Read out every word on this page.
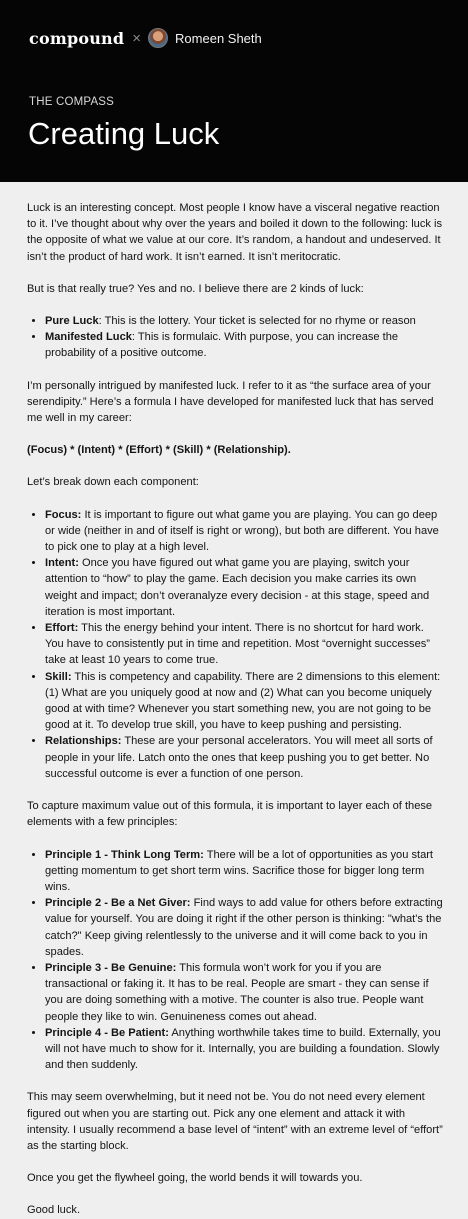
compound ×	Romeen Sheth
THE COMPASS
Creating Luck

Luck is an interesting concept. Most people I know have a visceral negative reaction to it. I’ve thought about why over the years and boiled it down to the following: luck is the opposite of what we value at our core. It’s random, a handout and undeserved. It isn’t the product of hard work. It isn’t earned. It isn’t meritocratic.

But is that really true? Yes and no. I believe there are 2 kinds of luck:

• Pure Luck: This is the lottery. Your ticket is selected for no rhyme or reason
• Manifested Luck: This is formulaic. With purpose, you can increase the probability of a positive outcome.

I’m personally intrigued by manifested luck. I refer to it as “the surface area of your serendipity.” Here’s a formula I have developed for manifested luck that has served me well in my career:

(Focus) * (Intent) * (Effort) * (Skill) * (Relationship).

Let’s break down each component:

• Focus: It is important to figure out what game you are playing. You can go deep or wide (neither in and of itself is right or wrong), but both are different. You have to pick one to play at a high level.
• Intent: Once you have figured out what game you are playing, switch your attention to “how” to play the game. Each decision you make carries its own weight and impact; don’t overanalyze every decision - at this stage, speed and iteration is most important.
• Effort: This the energy behind your intent. There is no shortcut for hard work. You have to consistently put in time and repetition. Most “overnight successes” take at least 10 years to come true.
• Skill: This is competency and capability. There are 2 dimensions to this element: (1) What are you uniquely good at now and (2) What can you become uniquely good at with time? Whenever you start something new, you are not going to be good at it. To develop true skill, you have to keep pushing and persisting.
• Relationships: These are your personal accelerators. You will meet all sorts of people in your life. Latch onto the ones that keep pushing you to get better. No successful outcome is ever a function of one person.

To capture maximum value out of this formula, it is important to layer each of these elements with a few principles:

• Principle 1 - Think Long Term: There will be a lot of opportunities as you start getting momentum to get short term wins. Sacrifice those for bigger long term wins.
• Principle 2 - Be a Net Giver: Find ways to add value for others before extracting value for yourself. You are doing it right if the other person is thinking: "what's the catch?" Keep giving relentlessly to the universe and it will come back to you in spades.
• Principle 3 - Be Genuine: This formula won’t work for you if you are transactional or faking it. It has to be real. People are smart - they can sense if you are doing something with a motive. The counter is also true. People want people they like to win. Genuineness comes out ahead.
• Principle 4 - Be Patient: Anything worthwhile takes time to build. Externally, you will not have much to show for it. Internally, you are building a foundation. Slowly and then suddenly.

This may seem overwhelming, but it need not be. You do not need every element figured out when you are starting out. Pick any one element and attack it with intensity. I usually recommend a base level of “intent” with an extreme level of “effort” as the starting block.

Once you get the flywheel going, the world bends it will towards you.

Good luck.
